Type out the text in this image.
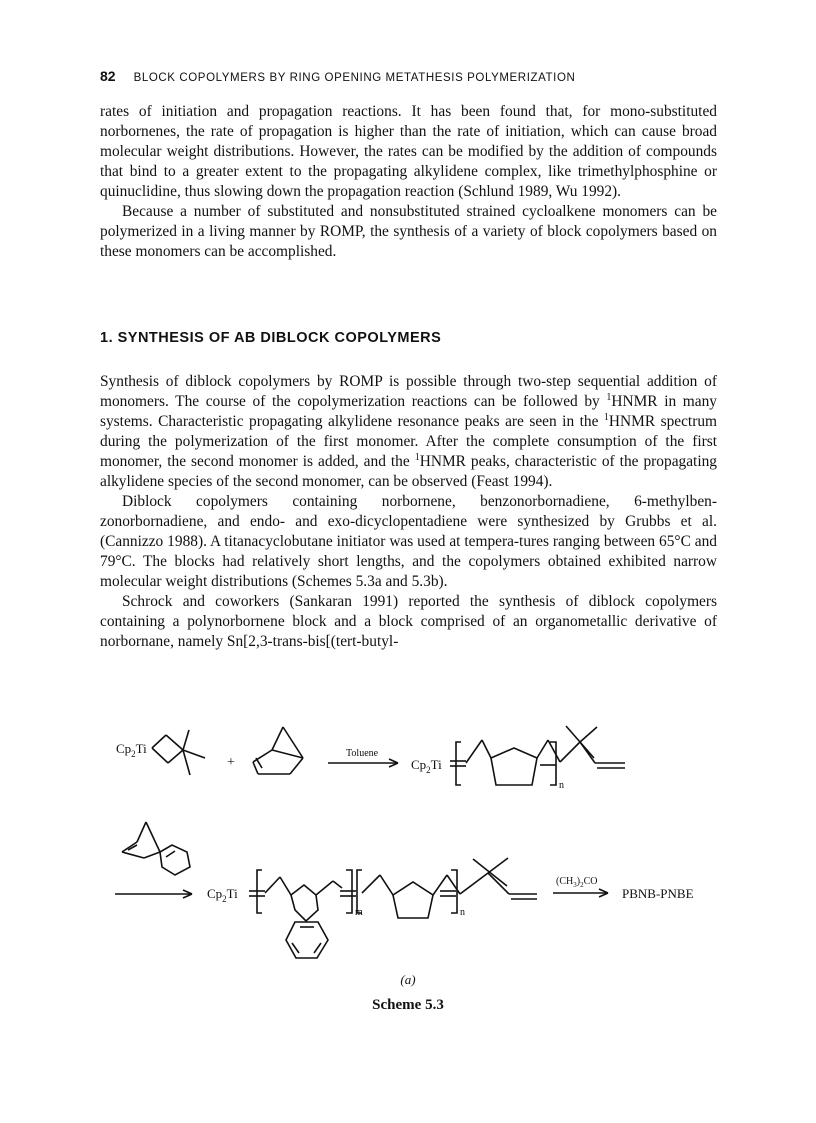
82 BLOCK COPOLYMERS BY RING OPENING METATHESIS POLYMERIZATION

rates of initiation and propagation reactions. It has been found that, for mono-substituted norbornenes, the rate of propagation is higher than the rate of initiation, which can cause broad molecular weight distributions. However, the rates can be modified by the addition of compounds that bind to a greater extent to the propagating alkylidene complex, like trimethylphosphine or quinuclidine, thus slowing down the propagation reaction (Schlund 1989, Wu 1992).

Because a number of substituted and nonsubstituted strained cycloalkene monomers can be polymerized in a living manner by ROMP, the synthesis of a variety of block copolymers based on these monomers can be accomplished.

1. SYNTHESIS OF AB DIBLOCK COPOLYMERS

Synthesis of diblock copolymers by ROMP is possible through two-step sequential addition of monomers. The course of the copolymerization reactions can be followed by $^1$HNMR in many systems. Characteristic propagating alkylidene resonance peaks are seen in the $^1$HNMR spectrum during the polymerization of the first monomer. After the complete consumption of the first monomer, the second monomer is added, and the $^1$HNMR peaks, characteristic of the propagating alkylidene species of the second monomer, can be observed (Feast 1994).

Diblock copolymers containing norbornene, benzonorbornadiene, 6-methylben-zonorbornadiene, and endo- and exo-dicyclopentadiene were synthesized by Grubbs et al. (Cannizzo 1988). A titanacyclobutane initiator was used at tempera-tures ranging between 65°C and 79°C. The blocks had relatively short lengths, and the copolymers obtained exhibited narrow molecular weight distributions (Schemes 5.3a and 5.3b).

Schrock and coworkers (Sankaran 1991) reported the synthesis of diblock copolymers containing a polynorbornene block and a block comprised of an organometallic derivative of norbornane, namely Sn[2,3-trans-bis[(tert-butyl-

$Cp_2Ti$
+
Toluene
$Cp_2Ti$
n
$Cp_2Ti$
m	n
$(CH_3)_2CO$
PBNB-PNBE
(a)
Scheme 5.3
